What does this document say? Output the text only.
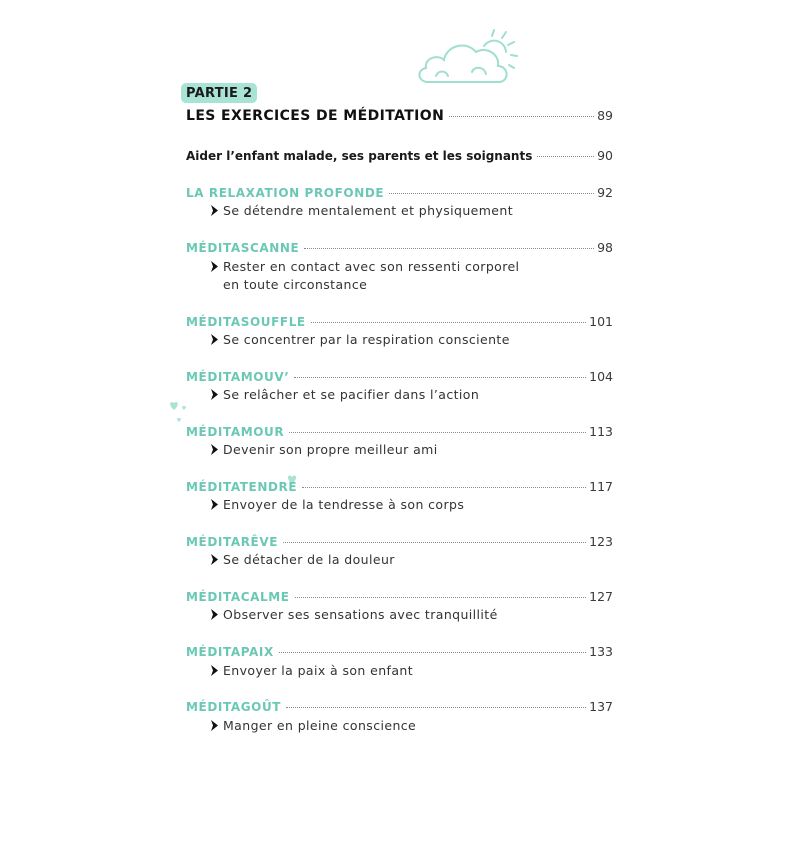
PARTIE 2
LES EXERCICES DE MÉDITATION	89
Aider l’enfant malade, ses parents et les soignants	90
LA RELAXATION PROFONDE	92
Se détendre mentalement et physiquement
MÉDITASCANNE	98
Rester en contact avec son ressenti corporel
en toute circonstance
MÉDITASOUFFLE	101
Se concentrer par la respiration consciente
MÉDITAMOUV’	104
Se relâcher et se pacifier dans l’action
MÉDITAMOUR	113
Devenir son propre meilleur ami
MÉDITATENDRE	117
Envoyer de la tendresse à son corps
MÉDITARÊVE	123
Se détacher de la douleur
MÉDITACALME	127
Observer ses sensations avec tranquillité
MÉDITAPAIX	133
Envoyer la paix à son enfant
MÉDITAGOÛT	137
Manger en pleine conscience
